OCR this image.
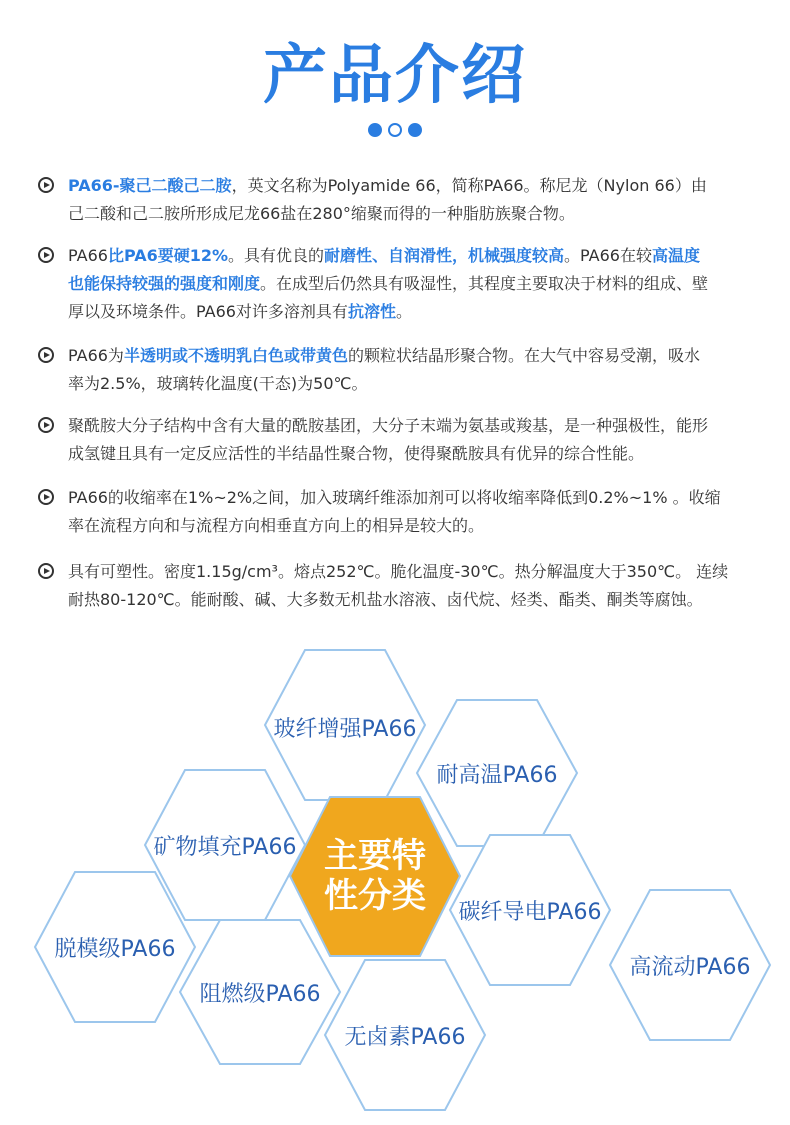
产品介绍
PA66-聚己二酸己二胺，英文名称为Polyamide 66，简称PA66。称尼龙（Nylon 66）由
己二酸和己二胺所形成尼龙66盐在280°缩聚而得的一种脂肪族聚合物。
PA66比PA6要硬12%。具有优良的耐磨性、自润滑性，机械强度较高。PA66在较高温度
也能保持较强的强度和刚度。在成型后仍然具有吸湿性，其程度主要取决于材料的组成、壁
厚以及环境条件。PA66对许多溶剂具有抗溶性。
PA66为半透明或不透明乳白色或带黄色的颗粒状结晶形聚合物。在大气中容易受潮，吸水
率为2.5%，玻璃转化温度(干态)为50℃。
聚酰胺大分子结构中含有大量的酰胺基团，大分子末端为氨基或羧基，是一种强极性，能形
成氢键且具有一定反应活性的半结晶性聚合物，使得聚酰胺具有优异的综合性能。
PA66的收缩率在1%~2%之间，加入玻璃纤维添加剂可以将收缩率降低到0.2%~1% 。收缩
率在流程方向和与流程方向相垂直方向上的相异是较大的。
具有可塑性。密度1.15g/cm³。熔点252℃。脆化温度-30℃。热分解温度大于350℃。 连续
耐热80-120℃。能耐酸、碱、大多数无机盐水溶液、卤代烷、烃类、酯类、酮类等腐蚀。
主要特
性分类
玻纤增强PA66
耐高温PA66
矿物填充PA66
碳纤导电PA66
脱模级PA66
高流动PA66
阻燃级PA66
无卤素PA66
